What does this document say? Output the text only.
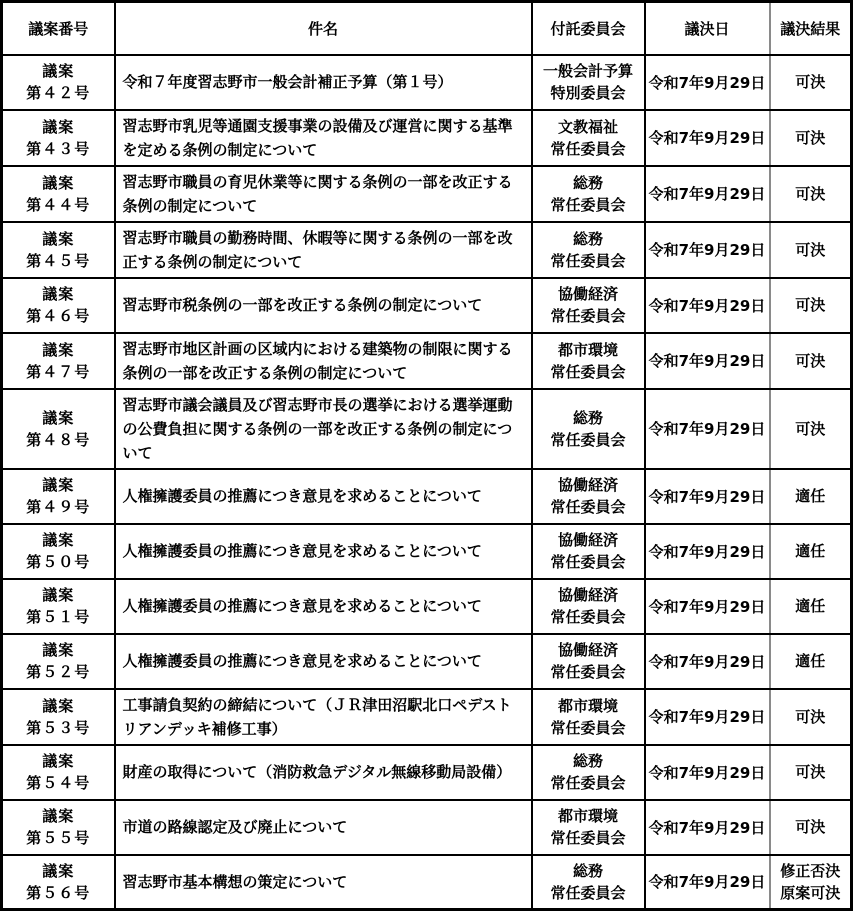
議案番号	件名	付託委員会	議決日	議決結果

議案
第４２号	令和７年度習志野市一般会計補正予算（第１号）	一般会計予算
特別委員会	令和7年9月29日	可決

議案
第４３号	習志野市乳児等通園支援事業の設備及び運営に関する基準を定める条例の制定について	文教福祉
常任委員会	令和7年9月29日	可決

議案
第４４号	習志野市職員の育児休業等に関する条例の一部を改正する条例の制定について	総務
常任委員会	令和7年9月29日	可決

議案
第４５号	習志野市職員の勤務時間、休暇等に関する条例の一部を改正する条例の制定について	総務
常任委員会	令和7年9月29日	可決

議案
第４６号	習志野市税条例の一部を改正する条例の制定について	協働経済
常任委員会	令和7年9月29日	可決

議案
第４７号	習志野市地区計画の区域内における建築物の制限に関する条例の一部を改正する条例の制定について	都市環境
常任委員会	令和7年9月29日	可決

議案
第４８号	習志野市議会議員及び習志野市長の選挙における選挙運動の公費負担に関する条例の一部を改正する条例の制定について	総務
常任委員会	令和7年9月29日	可決

議案
第４９号	人権擁護委員の推薦につき意見を求めることについて	協働経済
常任委員会	令和7年9月29日	適任

議案
第５０号	人権擁護委員の推薦につき意見を求めることについて	協働経済
常任委員会	令和7年9月29日	適任

議案
第５１号	人権擁護委員の推薦につき意見を求めることについて	協働経済
常任委員会	令和7年9月29日	適任

議案
第５２号	人権擁護委員の推薦につき意見を求めることについて	協働経済
常任委員会	令和7年9月29日	適任

議案
第５３号	工事請負契約の締結について（ＪＲ津田沼駅北口ペデストリアンデッキ補修工事）	都市環境
常任委員会	令和7年9月29日	可決

議案
第５４号	財産の取得について（消防救急デジタル無線移動局設備）	総務
常任委員会	令和7年9月29日	可決

議案
第５５号	市道の路線認定及び廃止について	都市環境
常任委員会	令和7年9月29日	可決

議案
第５６号	習志野市基本構想の策定について	総務
常任委員会	令和7年9月29日	修正否決
原案可決
